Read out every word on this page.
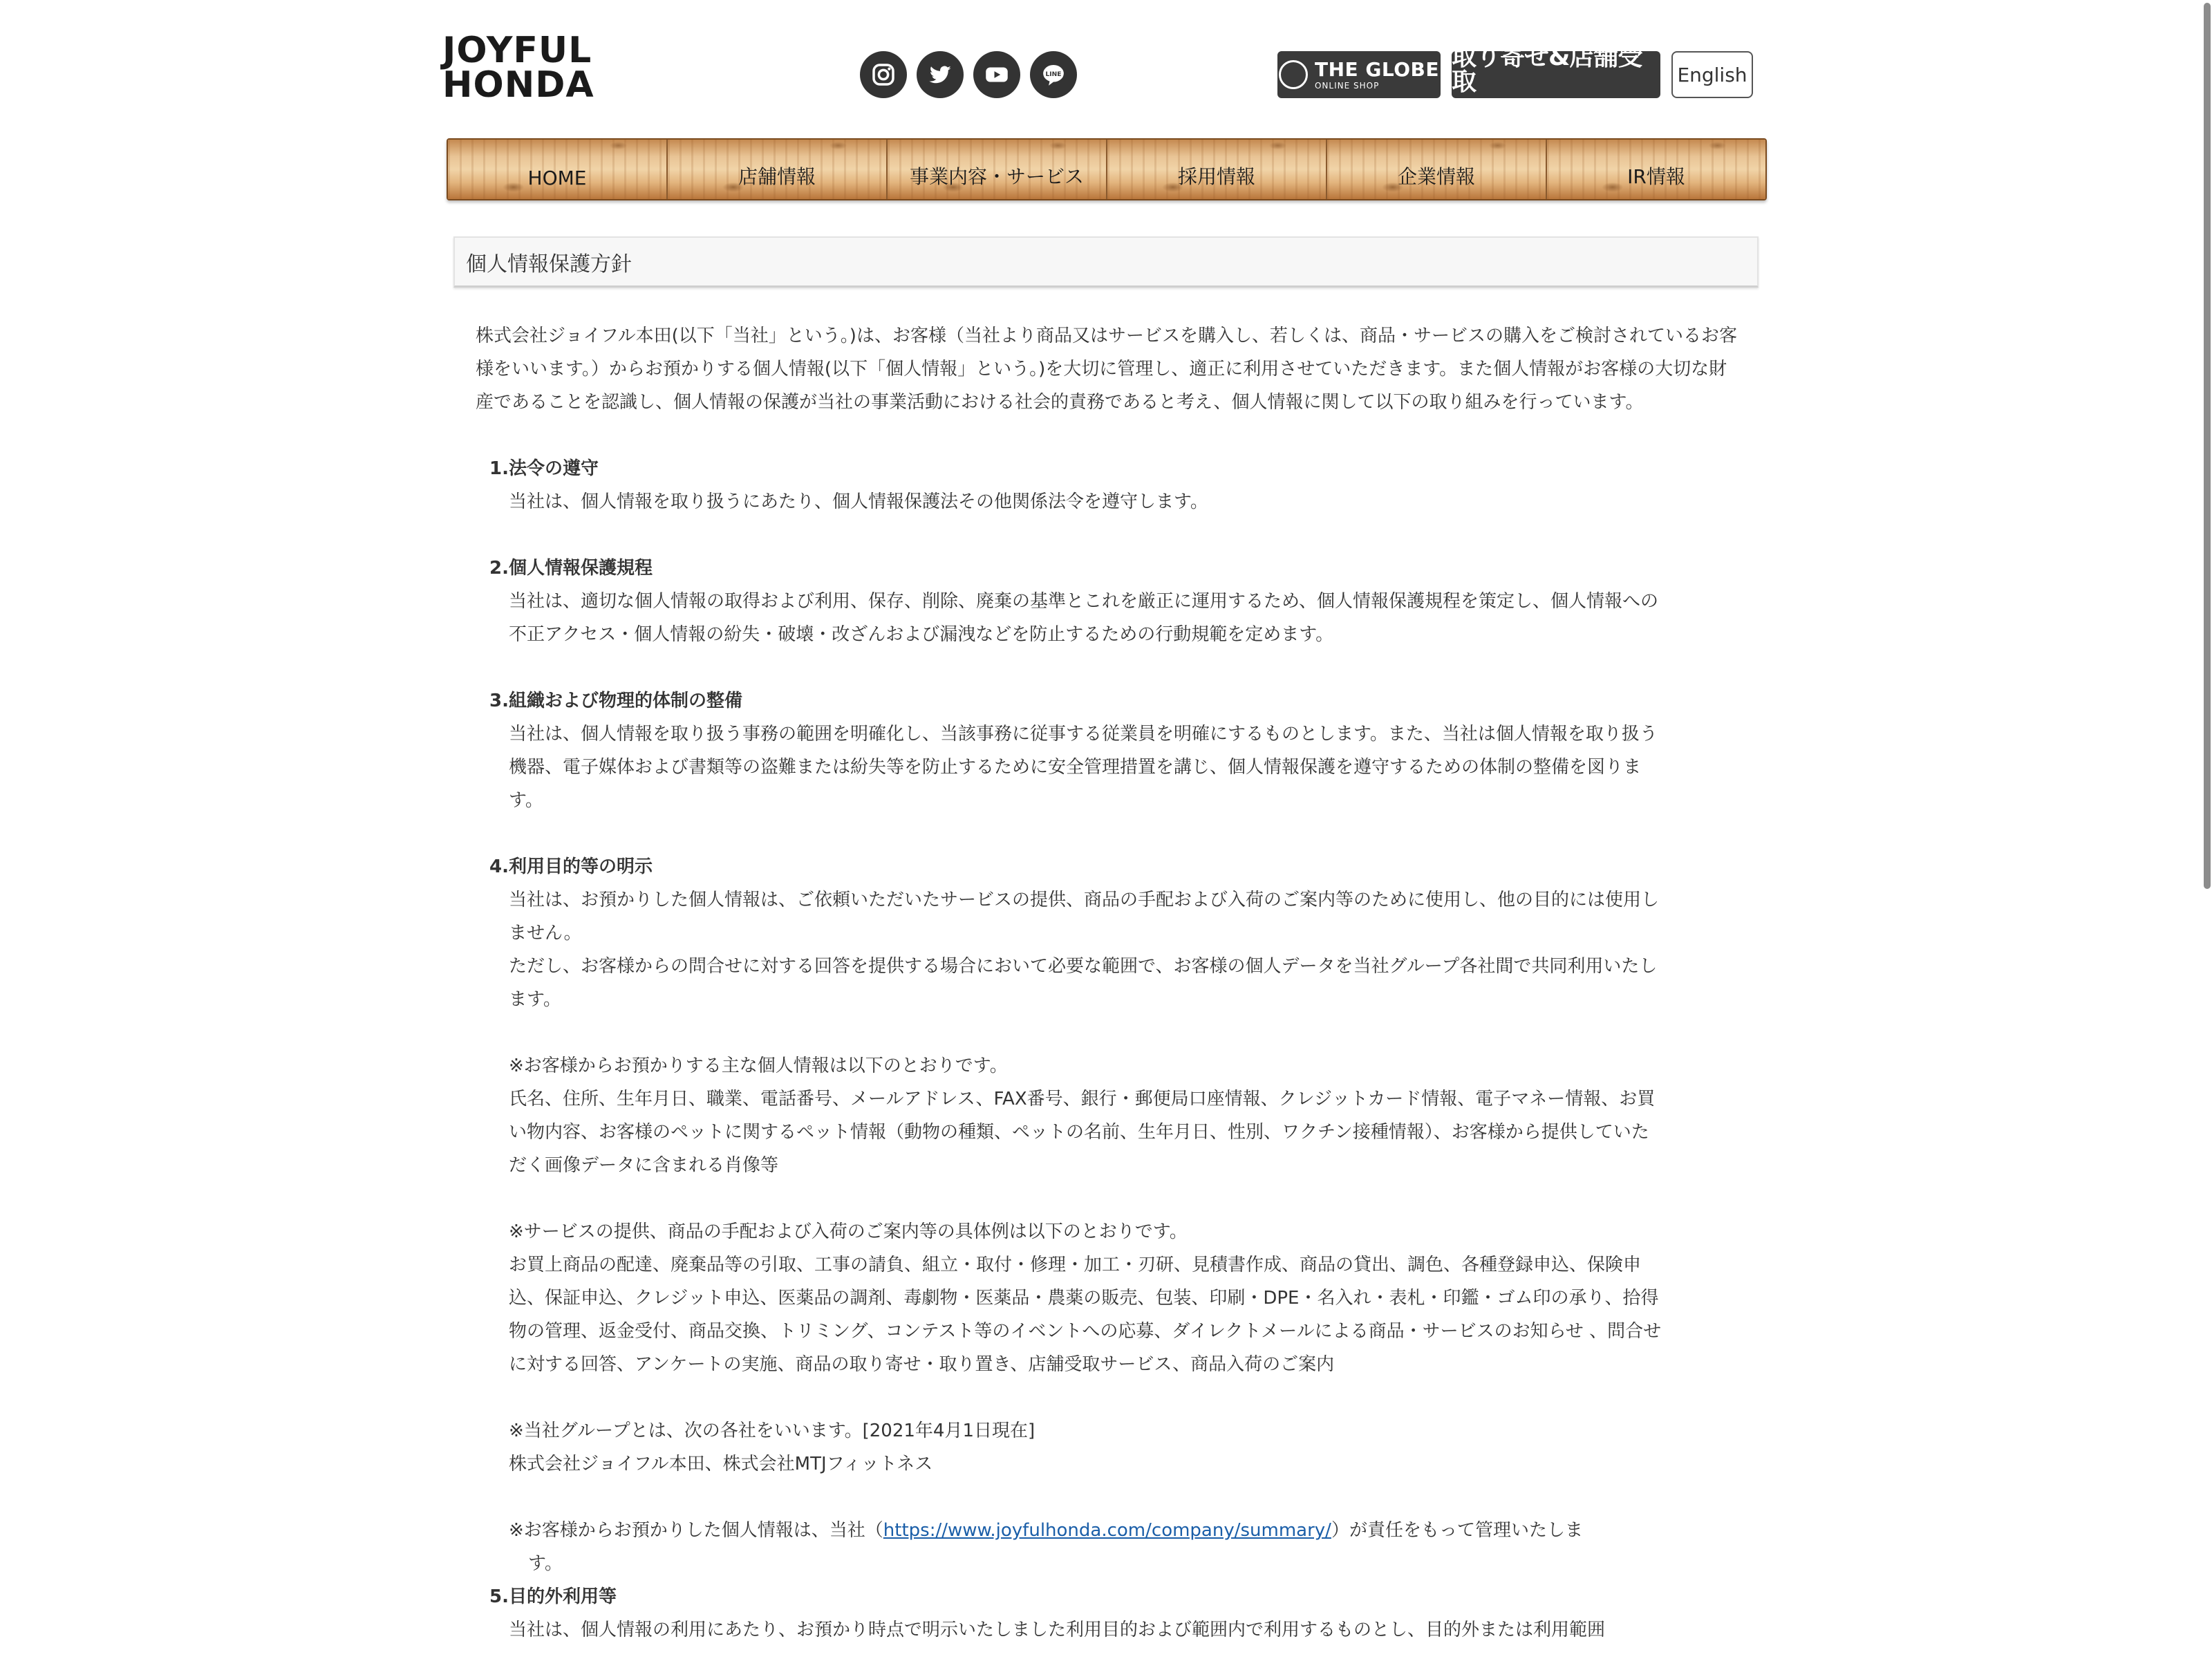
JOYFUL
HONDA	LINE	THE GLOBE
ONLINE SHOP
取り寄せ&店舗受取
JOYFUL HONDA
English
HOME	店舗情報	事業内容・サービス	採用情報	企業情報	IR情報
個人情報保護方針

株式会社ジョイフル本田(以下「当社」という。)は、お客様（当社より商品又はサービスを購入し、若しくは、商品・サービスの購入をご検討されているお客様をいいます。）からお預かりする個人情報(以下「個人情報」という。)を大切に管理し、適正に利用させていただきます。また個人情報がお客様の大切な財産であることを認識し、個人情報の保護が当社の事業活動における社会的責務であると考え、個人情報に関して以下の取り組みを行っています。

1.法令の遵守

当社は、個人情報を取り扱うにあたり、個人情報保護法その他関係法令を遵守します。

2.個人情報保護規程

当社は、適切な個人情報の取得および利用、保存、削除、廃棄の基準とこれを厳正に運用するため、個人情報保護規程を策定し、個人情報への不正アクセス・個人情報の紛失・破壊・改ざんおよび漏洩などを防止するための行動規範を定めます。

3.組織および物理的体制の整備

当社は、個人情報を取り扱う事務の範囲を明確化し、当該事務に従事する従業員を明確にするものとします。また、当社は個人情報を取り扱う機器、電子媒体および書類等の盗難または紛失等を防止するために安全管理措置を講じ、個人情報保護を遵守するための体制の整備を図ります。

4.利用目的等の明示

当社は、お預かりした個人情報は、ご依頼いただいたサービスの提供、商品の手配および入荷のご案内等のために使用し、他の目的には使用しません。

ただし、お客様からの問合せに対する回答を提供する場合において必要な範囲で、お客様の個人データを当社グループ各社間で共同利用いたします。

※お客様からお預かりする主な個人情報は以下のとおりです。

氏名、住所、生年月日、職業、電話番号、メールアドレス、FAX番号、銀行・郵便局口座情報、クレジットカード情報、電子マネー情報、お買い物内容、お客様のペットに関するペット情報（動物の種類、ペットの名前、生年月日、性別、ワクチン接種情報）、お客様から提供していただく画像データに含まれる肖像等

※サービスの提供、商品の手配および入荷のご案内等の具体例は以下のとおりです。

お買上商品の配達、廃棄品等の引取、工事の請負、組立・取付・修理・加工・刃研、見積書作成、商品の貸出、調色、各種登録申込、保険申込、保証申込、クレジット申込、医薬品の調剤、毒劇物・医薬品・農薬の販売、包装、印刷・DPE・名入れ・表札・印鑑・ゴム印の承り、拾得物の管理、返金受付、商品交換、トリミング、コンテスト等のイベントへの応募、ダイレクトメールによる商品・サービスのお知らせ 、問合せに対する回答、アンケートの実施、商品の取り寄せ・取り置き、店舗受取サービス、商品入荷のご案内

※当社グループとは、次の各社をいいます。[2021年4月1日現在]

株式会社ジョイフル本田、株式会社MTJフィットネス

※お客様からお預かりした個人情報は、当社（https://www.joyfulhonda.com/company/summary/）が責任をもって管理いたしま
す。

5.目的外利用等

当社は、個人情報の利用にあたり、お預かり時点で明示いたしました利用目的および範囲内で利用するものとし、目的外または利用範囲
